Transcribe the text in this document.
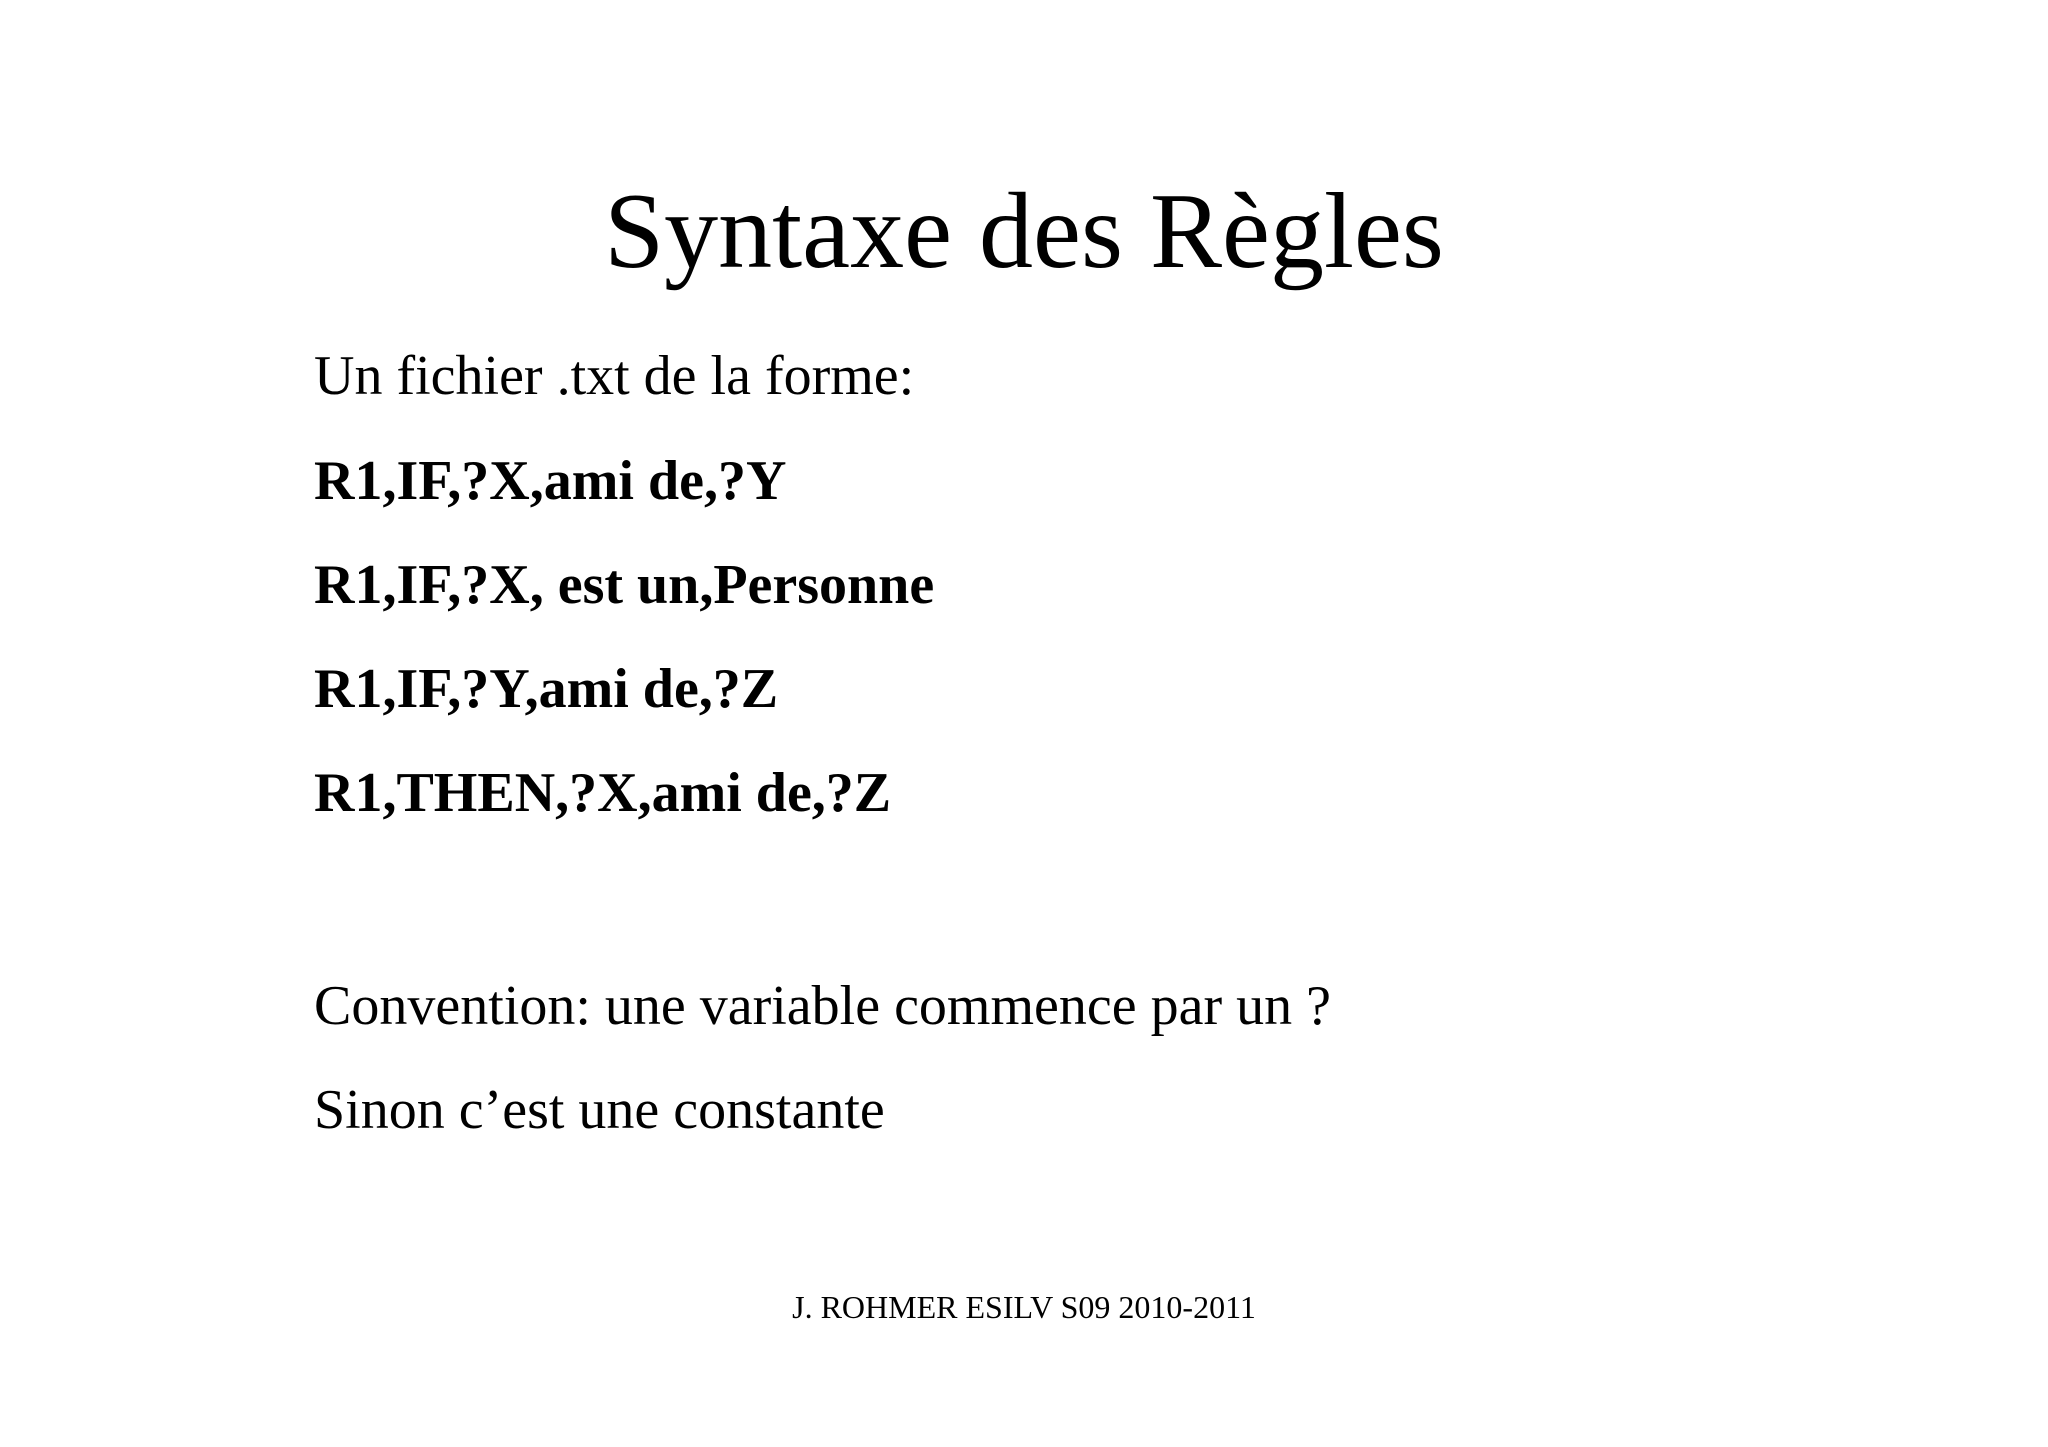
Syntaxe des Règles

Un fichier .txt de la forme:

R1,IF,?X,ami de,?Y

R1,IF,?X, est un,Personne

R1,IF,?Y,ami de,?Z

R1,THEN,?X,ami de,?Z

Convention: une variable commence par un ?

Sinon c’est une constante

J. ROHMER ESILV S09 2010-2011
